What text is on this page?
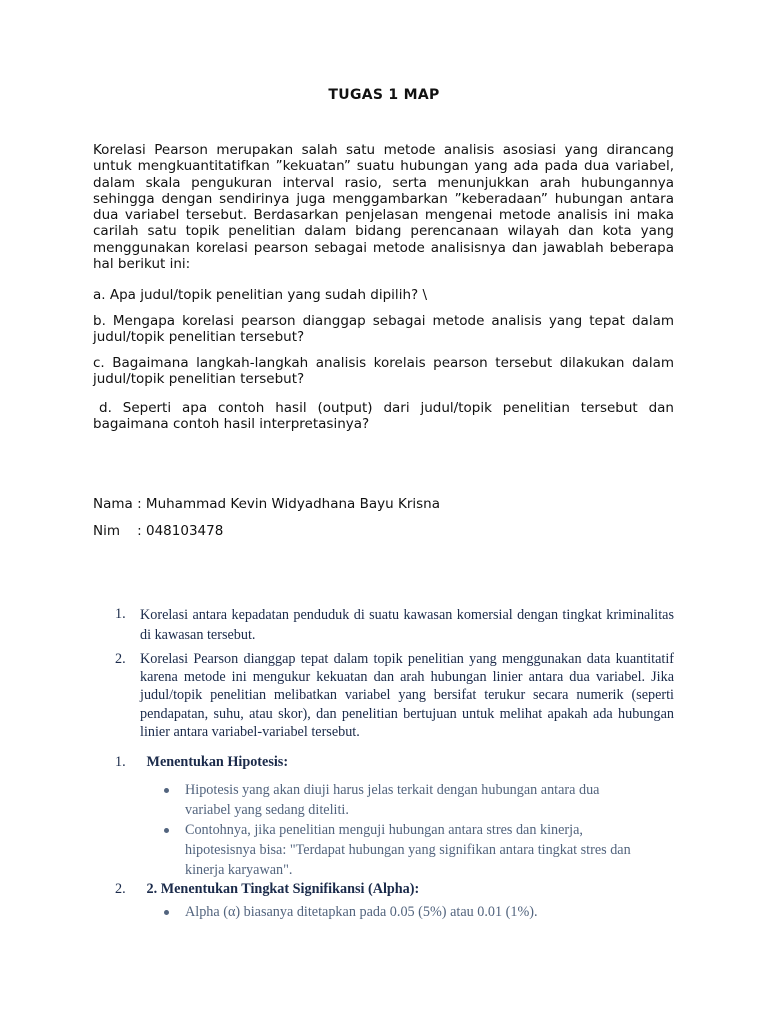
TUGAS 1 MAP
Korelasi Pearson merupakan salah satu metode analisis asosiasi yang dirancang untuk mengkuantitatifkan ”kekuatan” suatu hubungan yang ada pada dua variabel, dalam skala pengukuran interval rasio, serta menunjukkan arah hubungannya sehingga dengan sendirinya juga menggambarkan ”keberadaan” hubungan antara dua variabel tersebut. Berdasarkan penjelasan mengenai metode analisis ini maka carilah satu topik penelitian dalam bidang perencanaan wilayah dan kota yang menggunakan korelasi pearson sebagai metode analisisnya dan jawablah beberapa hal berikut ini:
a. Apa judul/topik penelitian yang sudah dipilih? \
b. Mengapa korelasi pearson dianggap sebagai metode analisis yang tepat dalam judul/topik penelitian tersebut?
c. Bagaimana langkah-langkah analisis korelais pearson tersebut dilakukan dalam judul/topik penelitian tersebut?
d. Seperti apa contoh hasil (output) dari judul/topik penelitian tersebut dan bagaimana contoh hasil interpretasinya?
Nama : Muhammad Kevin Widyadhana Bayu Krisna
Nim    : 048103478
1. Korelasi antara kepadatan penduduk di suatu kawasan komersial dengan tingkat kriminalitas di kawasan tersebut.
2. Korelasi Pearson dianggap tepat dalam topik penelitian yang menggunakan data kuantitatif karena metode ini mengukur kekuatan dan arah hubungan linier antara dua variabel. Jika judul/topik penelitian melibatkan variabel yang bersifat terukur secara numerik (seperti pendapatan, suhu, atau skor), dan penelitian bertujuan untuk melihat apakah ada hubungan linier antara variabel-variabel tersebut.
1. Menentukan Hipotesis:
Hipotesis yang akan diuji harus jelas terkait dengan hubungan antara dua variabel yang sedang diteliti.
Contohnya, jika penelitian menguji hubungan antara stres dan kinerja, hipotesisnya bisa: "Terdapat hubungan yang signifikan antara tingkat stres dan kinerja karyawan".
2. 2. Menentukan Tingkat Signifikansi (Alpha):
Alpha (α) biasanya ditetapkan pada 0.05 (5%) atau 0.01 (1%).
